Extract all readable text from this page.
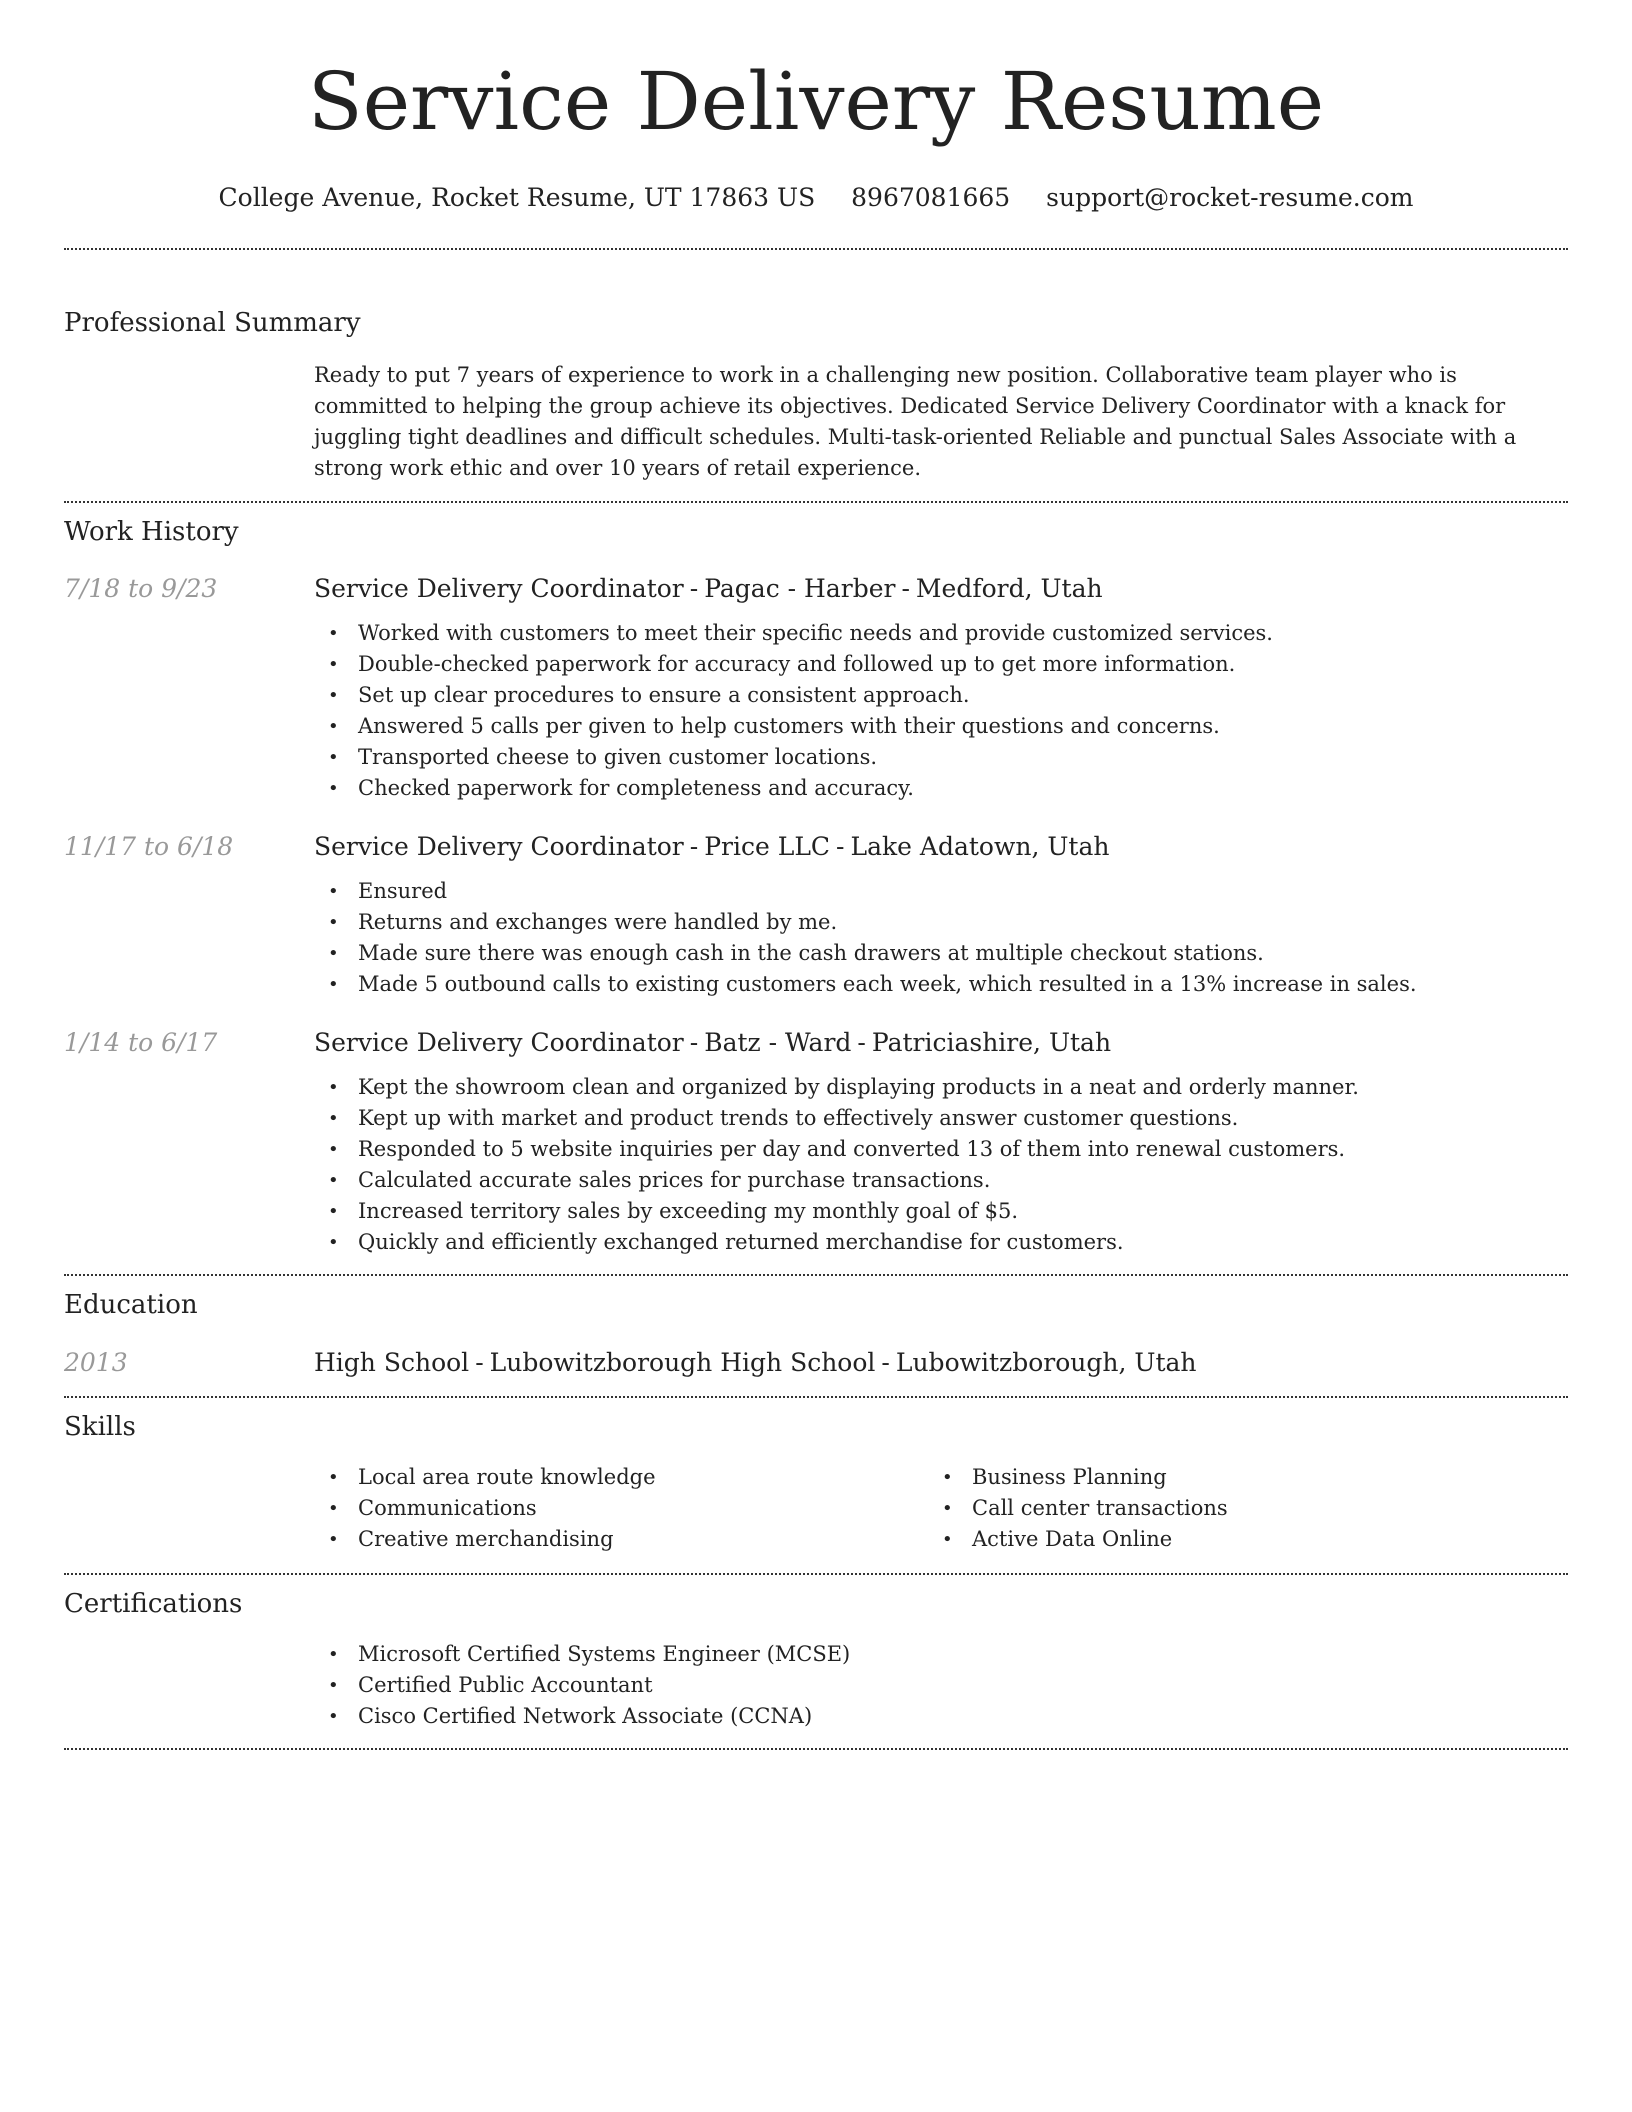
Service Delivery Resume
College Avenue, Rocket Resume, UT 17863 US 8967081665 support@rocket-resume.com
Professional Summary

Ready to put 7 years of experience to work in a challenging new position. Collaborative team player who is committed to helping the group achieve its objectives. Dedicated Service Delivery Coordinator with a knack for juggling tight deadlines and difficult schedules. Multi-task-oriented Reliable and punctual Sales Associate with a strong work ethic and over 10 years of retail experience.

Work History
7/18 to 9/23	Service Delivery Coordinator - Pagac - Harber - Medford, Utah
• Worked with customers to meet their specific needs and provide customized services.
• Double-checked paperwork for accuracy and followed up to get more information.
• Set up clear procedures to ensure a consistent approach.
• Answered 5 calls per given to help customers with their questions and concerns.
• Transported cheese to given customer locations.
• Checked paperwork for completeness and accuracy.
11/17 to 6/18	Service Delivery Coordinator - Price LLC - Lake Adatown, Utah
• Ensured
• Returns and exchanges were handled by me.
• Made sure there was enough cash in the cash drawers at multiple checkout stations.
• Made 5 outbound calls to existing customers each week, which resulted in a 13% increase in sales.
1/14 to 6/17	Service Delivery Coordinator - Batz - Ward - Patriciashire, Utah
• Kept the showroom clean and organized by displaying products in a neat and orderly manner.
• Kept up with market and product trends to effectively answer customer questions.
• Responded to 5 website inquiries per day and converted 13 of them into renewal customers.
• Calculated accurate sales prices for purchase transactions.
• Increased territory sales by exceeding my monthly goal of $5.
• Quickly and efficiently exchanged returned merchandise for customers.
Education
2013	High School - Lubowitzborough High School - Lubowitzborough, Utah
Skills
• Local area route knowledge
• Communications
• Creative merchandising
• Business Planning
• Call center transactions
• Active Data Online
Certifications
• Microsoft Certified Systems Engineer (MCSE)
• Certified Public Accountant
• Cisco Certified Network Associate (CCNA)
